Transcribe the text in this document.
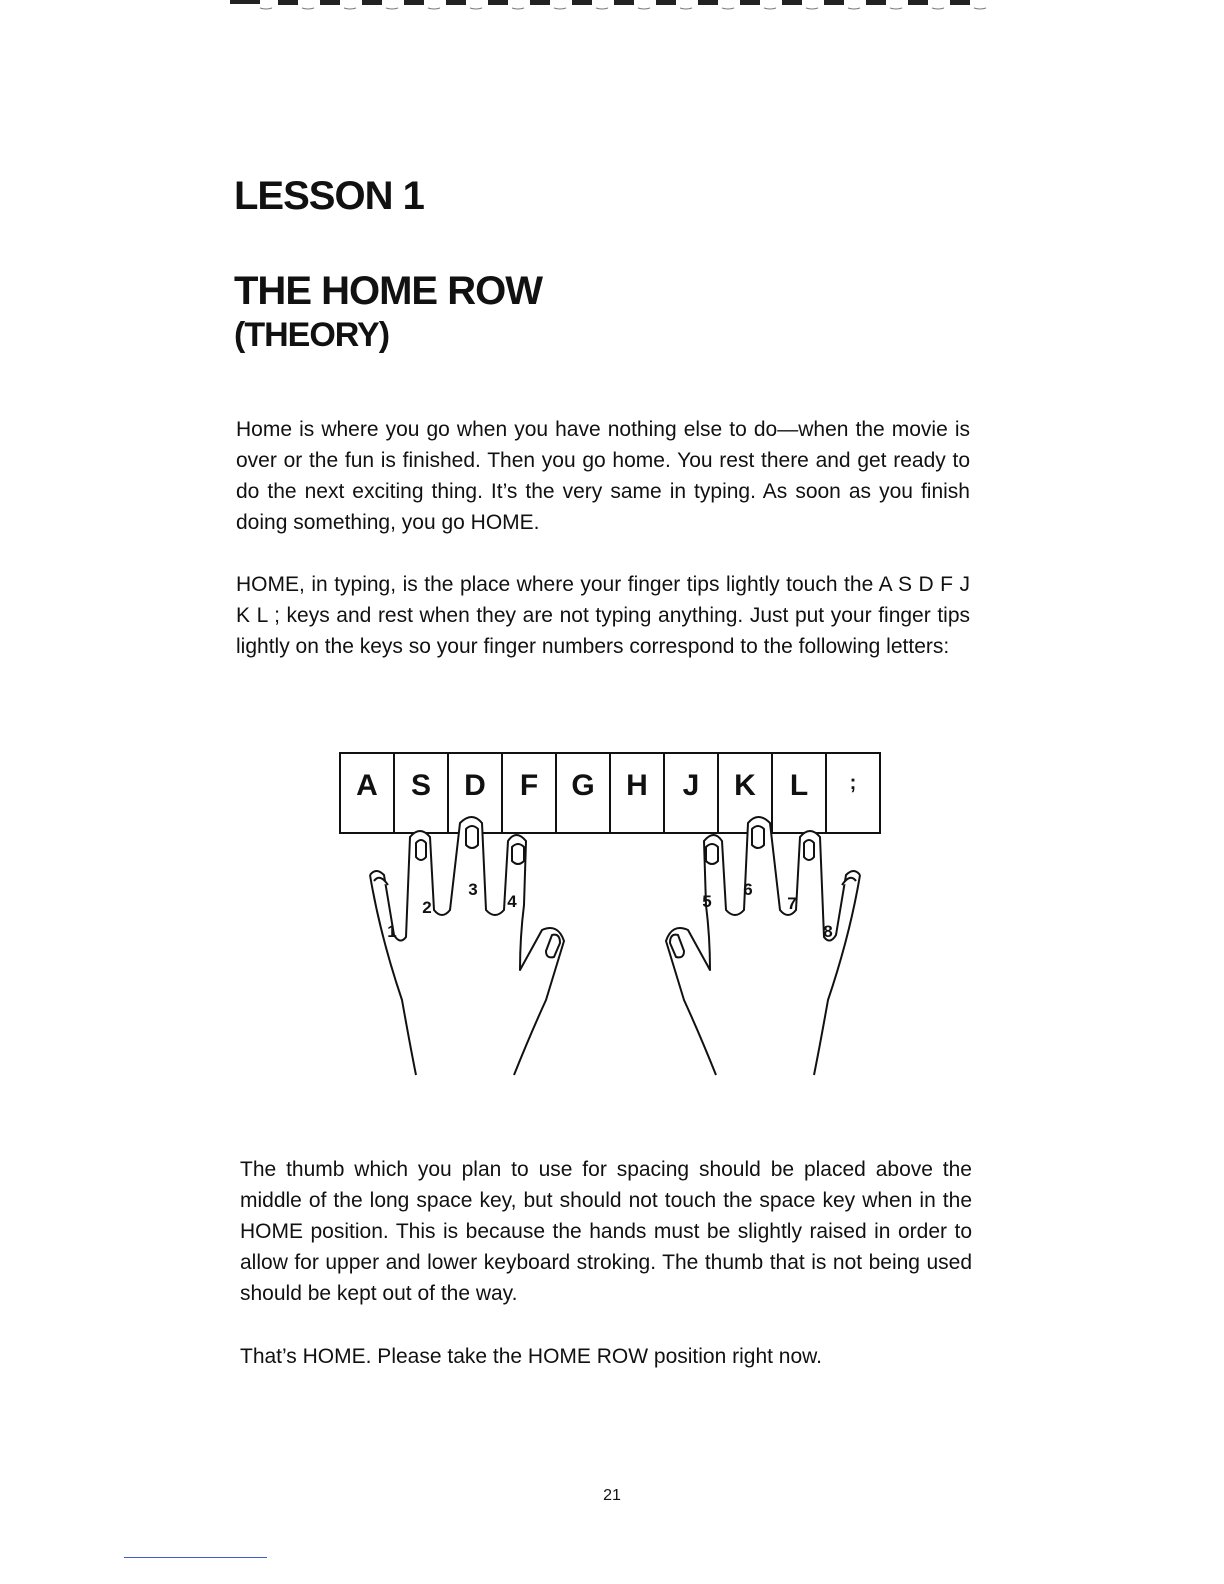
LESSON 1
THE HOME ROW
(THEORY)

Home is where you go when you have nothing else to do—when the movie is over or the fun is finished. Then you go home. You rest there and get ready to do the next exciting thing. It’s the very same in typing. As soon as you finish doing something, you go HOME.

HOME, in typing, is the place where your finger tips lightly touch the A S D F J K L ; keys and rest when they are not typing anything. Just put your finger tips lightly on the keys so your finger numbers correspond to the following letters:

A S D F G H J K L ;
1
2
3
4	5
6
7
8

The thumb which you plan to use for spacing should be placed above the middle of the long space key, but should not touch the space key when in the HOME position. This is because the hands must be slightly raised in order to allow for upper and lower keyboard stroking. The thumb that is not being used should be kept out of the way.

That’s HOME. Please take the HOME ROW position right now.

21
